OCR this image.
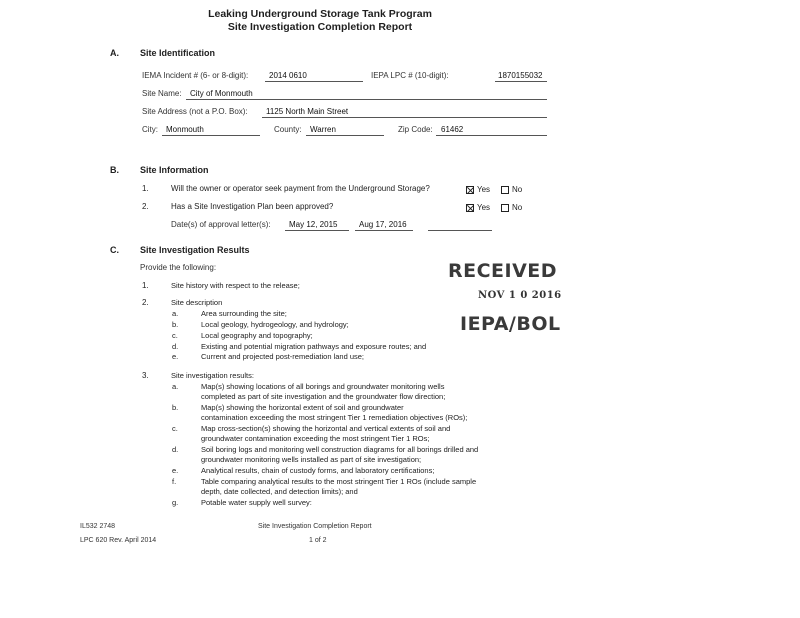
Leaking Underground Storage Tank Program
Site Investigation Completion Report
A. Site Identification
IEMA Incident # (6- or 8-digit):	2014 0610	IEPA LPC # (10-digit):	1870155032
Site Name:	City of Monmouth
Site Address (not a P.O. Box):	1125 North Main Street
City:	Monmouth	County:	Warren	Zip Code:	61462
B. Site Information
1.	Will the owner or operator seek payment from the Underground Storage?	Yes	No
2.	Has a Site Investigation Plan been approved?	Yes	No
Date(s) of approval letter(s):	May 12, 2015	Aug 17, 2016
C. Site Investigation Results
Provide the following:
1.	Site history with respect to the release;
2.	Site description
a.	Area surrounding the site;
b.	Local geology, hydrogeology, and hydrology;
c.	Local geography and topography;
d.	Existing and potential migration pathways and exposure routes; and
e.	Current and projected post-remediation land use;
3.	Site investigation results:
a.	Map(s) showing locations of all borings and groundwater monitoring wells
completed as part of site investigation and the groundwater flow direction;
b.	Map(s) showing the horizontal extent of soil and groundwater
contamination exceeding the most stringent Tier 1 remediation objectives (ROs);
c.	Map cross-section(s) showing the horizontal and vertical extents of soil and
groundwater contamination exceeding the most stringent Tier 1 ROs;
d.	Soil boring logs and monitoring well construction diagrams for all borings drilled and
groundwater monitoring wells installed as part of site investigation;
e.	Analytical results, chain of custody forms, and laboratory certifications;
f.	Table comparing analytical results to the most stringent Tier 1 ROs (include sample
depth, date collected, and detection limits); and
g.	Potable water supply well survey:
RECEIVED
NOV 1 0 2016
IEPA/BOL
IL532 2748
LPC 620 Rev. April 2014
Site Investigation Completion Report
1 of 2
